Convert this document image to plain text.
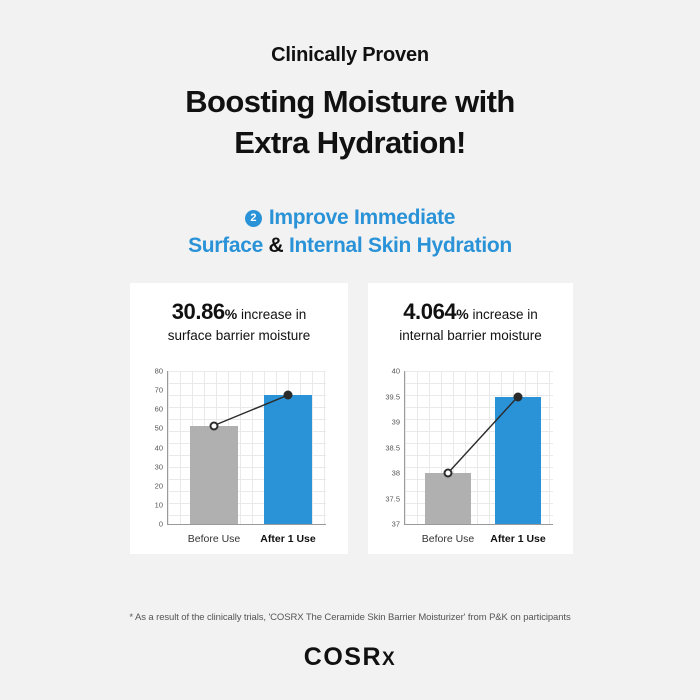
Clinically Proven
Boosting Moisture with
Extra Hydration!
2 Improve Immediate
Surface & Internal Skin Hydration
30.86% increase in
surface barrier moisture
0
10
20
30
40
50
60
70
80
Before Use After 1 Use
4.064% increase in
internal barrier moisture
37
37.5
38
38.5
39
39.5
40
Before Use After 1 Use
* As a result of the clinically trials, 'COSRX The Ceramide Skin Barrier Moisturizer' from P&K on participants
COSRX
